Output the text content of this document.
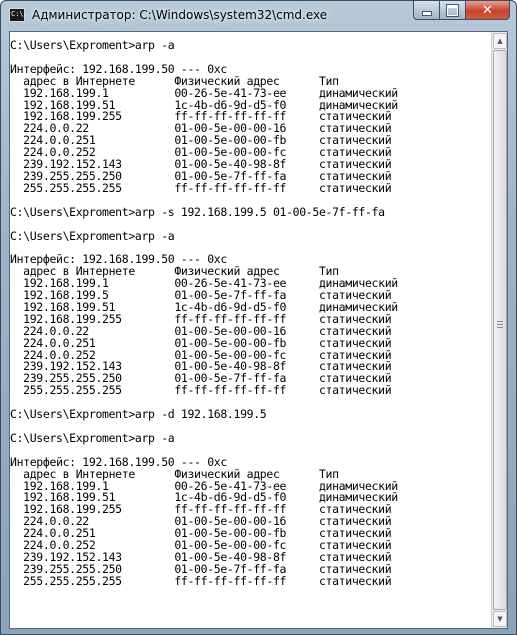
C:\. Администратор: C:\Windows\system32\cmd.exe	✕
C:\Users\Exproment>arp -a

Интерфейс: 192.168.199.50 --- 0xc
адрес в Интернете      Физический адрес      Тип
192.168.199.1          00-26-5e-41-73-ee     динамический
192.168.199.51         1c-4b-d6-9d-d5-f0     динамический
192.168.199.255        ff-ff-ff-ff-ff-ff     статический
224.0.0.22             01-00-5e-00-00-16     статический
224.0.0.251            01-00-5e-00-00-fb     статический
224.0.0.252            01-00-5e-00-00-fc     статический
239.192.152.143        01-00-5e-40-98-8f     статический
239.255.255.250        01-00-5e-7f-ff-fa     статический
255.255.255.255        ff-ff-ff-ff-ff-ff     статический

C:\Users\Exproment>arp -s 192.168.199.5 01-00-5e-7f-ff-fa

C:\Users\Exproment>arp -a

Интерфейс: 192.168.199.50 --- 0xc
адрес в Интернете      Физический адрес      Тип
192.168.199.1          00-26-5e-41-73-ee     динамический
192.168.199.5          01-00-5e-7f-ff-fa     статический
192.168.199.51         1c-4b-d6-9d-d5-f0     динамический
192.168.199.255        ff-ff-ff-ff-ff-ff     статический
224.0.0.22             01-00-5e-00-00-16     статический
224.0.0.251            01-00-5e-00-00-fb     статический
224.0.0.252            01-00-5e-00-00-fc     статический
239.192.152.143        01-00-5e-40-98-8f     статический
239.255.255.250        01-00-5e-7f-ff-fa     статический
255.255.255.255        ff-ff-ff-ff-ff-ff     статический

C:\Users\Exproment>arp -d 192.168.199.5

C:\Users\Exproment>arp -a

Интерфейс: 192.168.199.50 --- 0xc
адрес в Интернете      Физический адрес      Тип
192.168.199.1          00-26-5e-41-73-ee     динамический
192.168.199.51         1c-4b-d6-9d-d5-f0     динамический
192.168.199.255        ff-ff-ff-ff-ff-ff     статический
224.0.0.22             01-00-5e-00-00-16     статический
224.0.0.251            01-00-5e-00-00-fb     статический
224.0.0.252            01-00-5e-00-00-fc     статический
239.192.152.143        01-00-5e-40-98-8f     статический
239.255.255.250        01-00-5e-7f-ff-fa     статический
255.255.255.255        ff-ff-ff-ff-ff-ff     статический
▲
▼
